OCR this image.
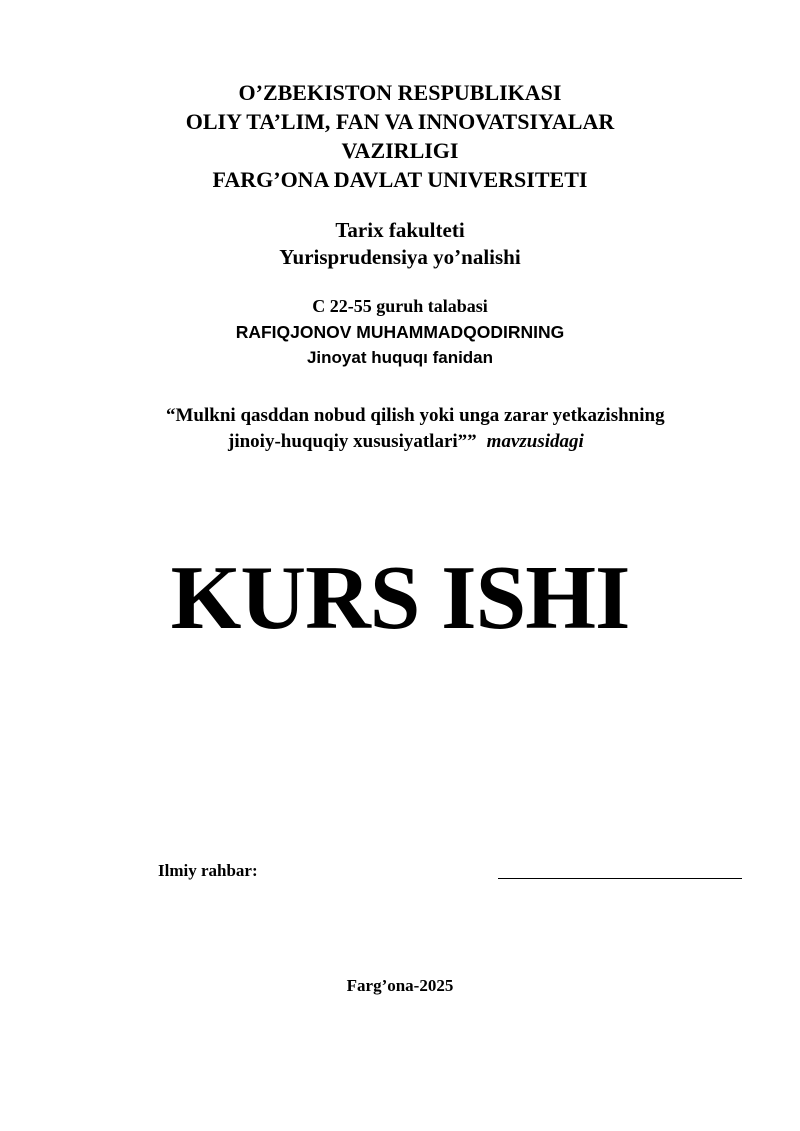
O’ZBEKISTON RESPUBLIKASI
OLIY TA’LIM, FAN VA INNOVATSIYALAR
VAZIRLIGI
FARG’ONA DAVLAT UNIVERSITETI
Tarix fakulteti
Yurisprudensiya yo’nalishi
C 22-55 guruh talabasi
RAFIQJONOV MUHAMMADQODIRNING
Jinoyat huquqı fanidan
“Mulkni qasddan nobud qilish yoki unga zarar yetkazishning
jinoiy-huquqiy xususiyatlari”” mavzusidagi
KURS ISHI
Ilmiy rahbar:
Farg’ona-2025
